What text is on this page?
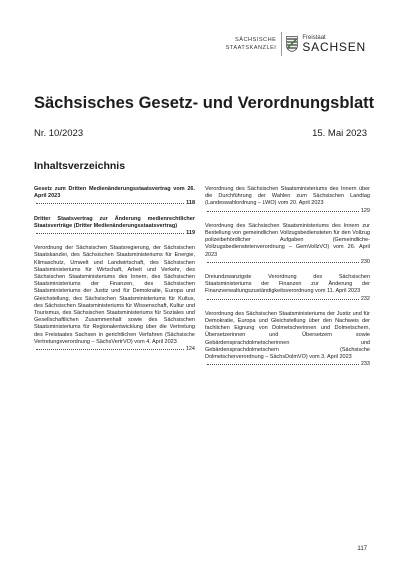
SÄCHSISCHE
STAATSKANZLEI
Freistaat
SACHSEN
Sächsisches Gesetz- und Verordnungsblatt
Nr. 10/2023	15. Mai 2023
Inhaltsverzeichnis
Gesetz zum Dritten Medienänderungsstaatsvertrag vom 26. April 2023
118
Dritter Staatsvertrag zur Änderung medienrechtlicher Staatsverträge (Dritter Medienänderungsstaatsvertrag)
119
Verordnung der Sächsischen Staatsregierung, der Sächsischen Staatskanzlei, des Sächsischen Staatsministeriums für Energie, Klimaschutz, Umwelt und Landwirtschaft, des Sächsischen Staatsministeriums für Wirtschaft, Arbeit und Verkehr, des Sächsischen Staatsministeriums des Innern, des Sächsischen Staatsministeriums der Finanzen, des Sächsischen Staatsministeriums der Justiz und für Demokratie, Europa und Gleichstellung, des Sächsischen Staatsministeriums für Kultus, des Sächsischen Staatsministeriums für Wissenschaft, Kultur und Tourismus, des Sächsischen Staatsministeriums für Soziales und Gesellschaftlichen Zusammenhalt sowie des Sächsischen Staatsministeriums für Regionalentwicklung über die Vertretung des Freistaates Sachsen in gerichtlichen Verfahren (Sächsische Vertretungsverordnung – SächsVertrVO) vom 4. April 2023
124
Verordnung des Sächsischen Staatsministeriums des Innern über die Durchführung der Wahlen zum Sächsischen Landtag (Landeswahlordnung – LWO) vom 20. April 2023
129
Verordnung des Sächsischen Staatsministeriums des Innern zur Bestellung von gemeindlichen Vollzugsbediensteten für den Vollzug polizeibehördlicher Aufgaben (Gemeindliche-Vollzugsbedienstetenverordnung – GemVollzVO) vom 26. April 2023
230
Dreiundzwanzigste Verordnung des Sächsischen Staatsministeriums der Finanzen zur Änderung der Finanzverwaltungszuständigkeitsverordnung vom 11. April 2023
232
Verordnung des Sächsischen Staatsministeriums der Justiz und für Demokratie, Europa und Gleichstellung über den Nachweis der fachlichen Eignung von Dolmetscherinnen und Dolmetschern, Übersetzerinnen und Übersetzern sowie Gebärdensprachdolmetscherinnen und Gebärdensprachdolmetschern (Sächsische Dolmetscherverordnung – SächsDolmVO) vom 3. April 2023
233
117
